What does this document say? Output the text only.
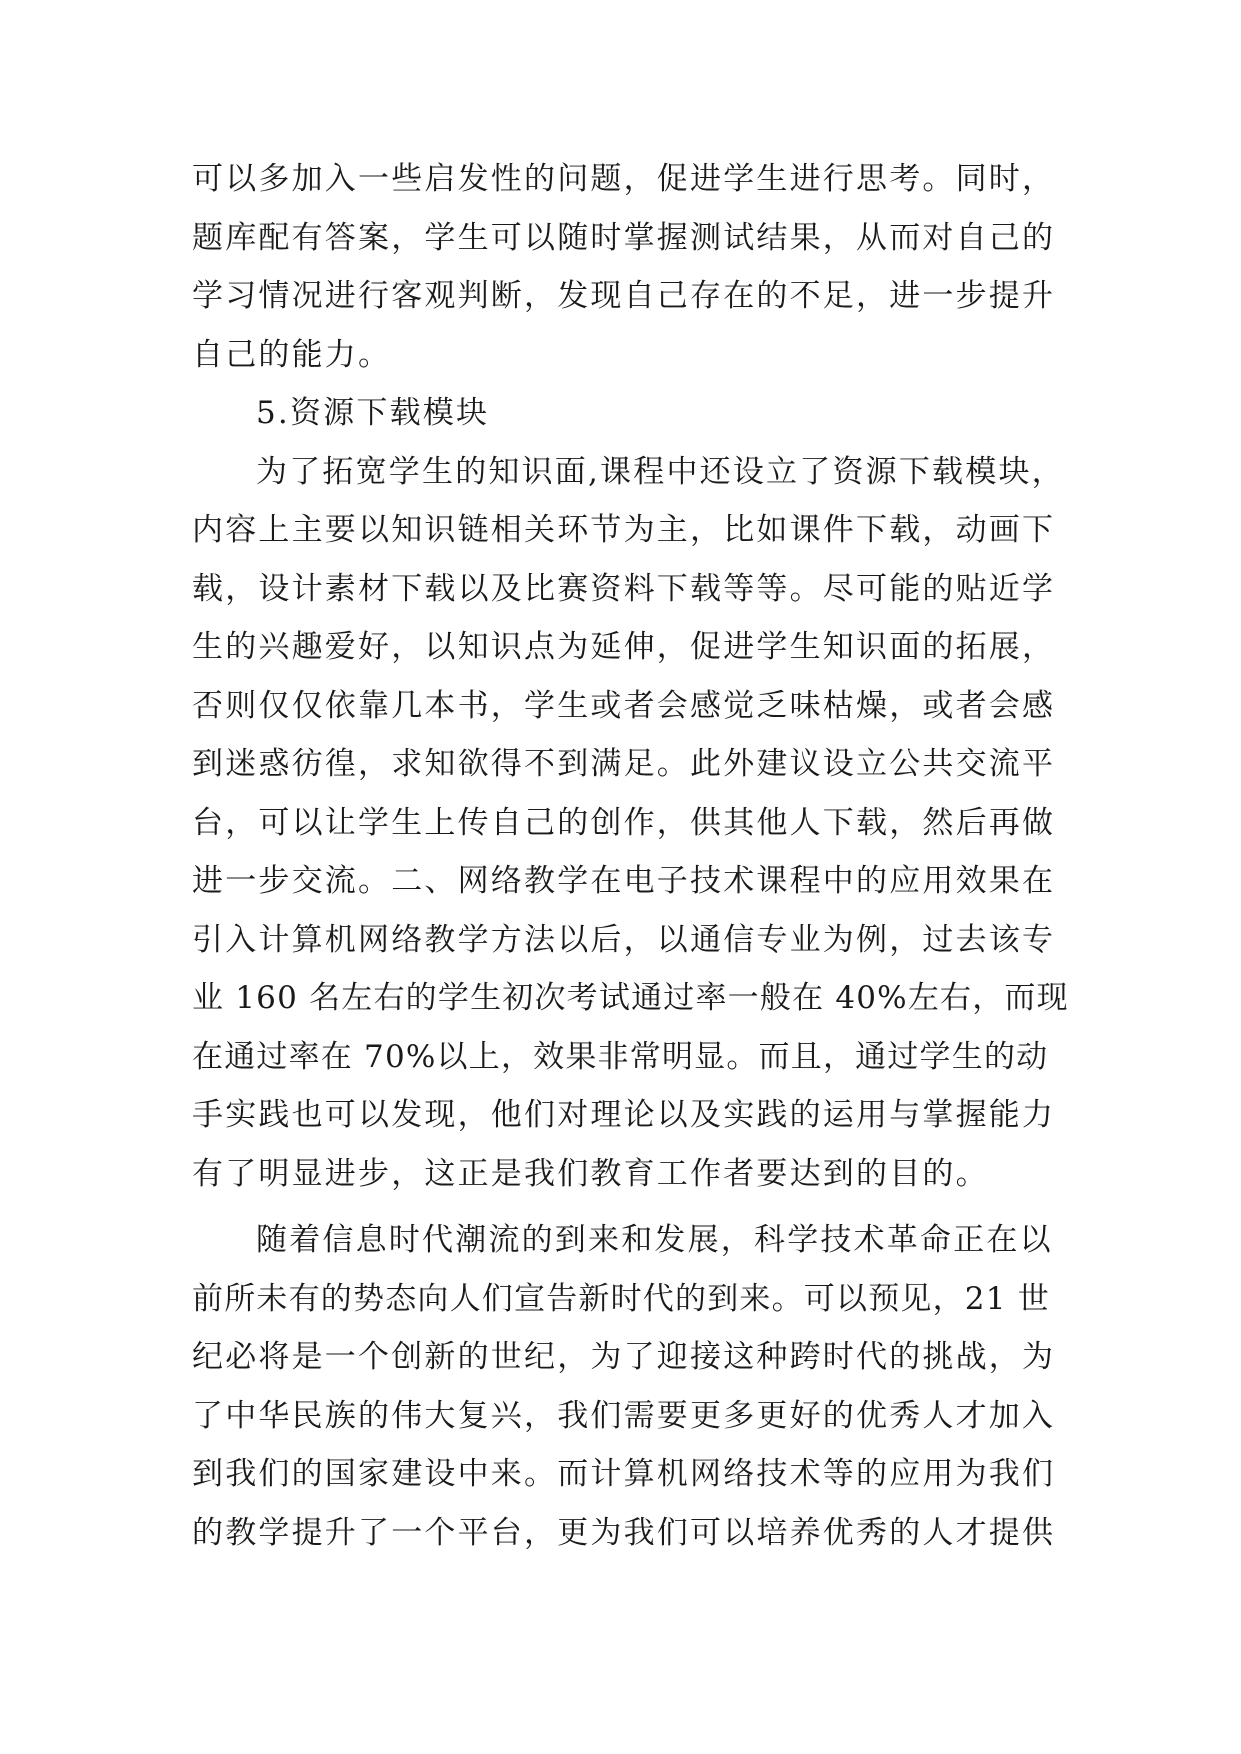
可以多加入一些启发性的问题，促进学生进行思考。同时，
题库配有答案，学生可以随时掌握测试结果，从而对自己的
学习情况进行客观判断，发现自己存在的不足，进一步提升
自己的能力。
5.资源下载模块
为了拓宽学生的知识面,课程中还设立了资源下载模块，
内容上主要以知识链相关环节为主，比如课件下载，动画下
载，设计素材下载以及比赛资料下载等等。尽可能的贴近学
生的兴趣爱好，以知识点为延伸，促进学生知识面的拓展，
否则仅仅依靠几本书，学生或者会感觉乏味枯燥，或者会感
到迷惑彷徨，求知欲得不到满足。此外建议设立公共交流平
台，可以让学生上传自己的创作，供其他人下载，然后再做
进一步交流。二、网络教学在电子技术课程中的应用效果在
引入计算机网络教学方法以后，以通信专业为例，过去该专
业 160 名左右的学生初次考试通过率一般在 40%左右，而现
在通过率在 70%以上，效果非常明显。而且，通过学生的动
手实践也可以发现，他们对理论以及实践的运用与掌握能力
有了明显进步，这正是我们教育工作者要达到的目的。
随着信息时代潮流的到来和发展，科学技术革命正在以
前所未有的势态向人们宣告新时代的到来。可以预见，21 世
纪必将是一个创新的世纪，为了迎接这种跨时代的挑战，为
了中华民族的伟大复兴，我们需要更多更好的优秀人才加入
到我们的国家建设中来。而计算机网络技术等的应用为我们
的教学提升了一个平台，更为我们可以培养优秀的人才提供
